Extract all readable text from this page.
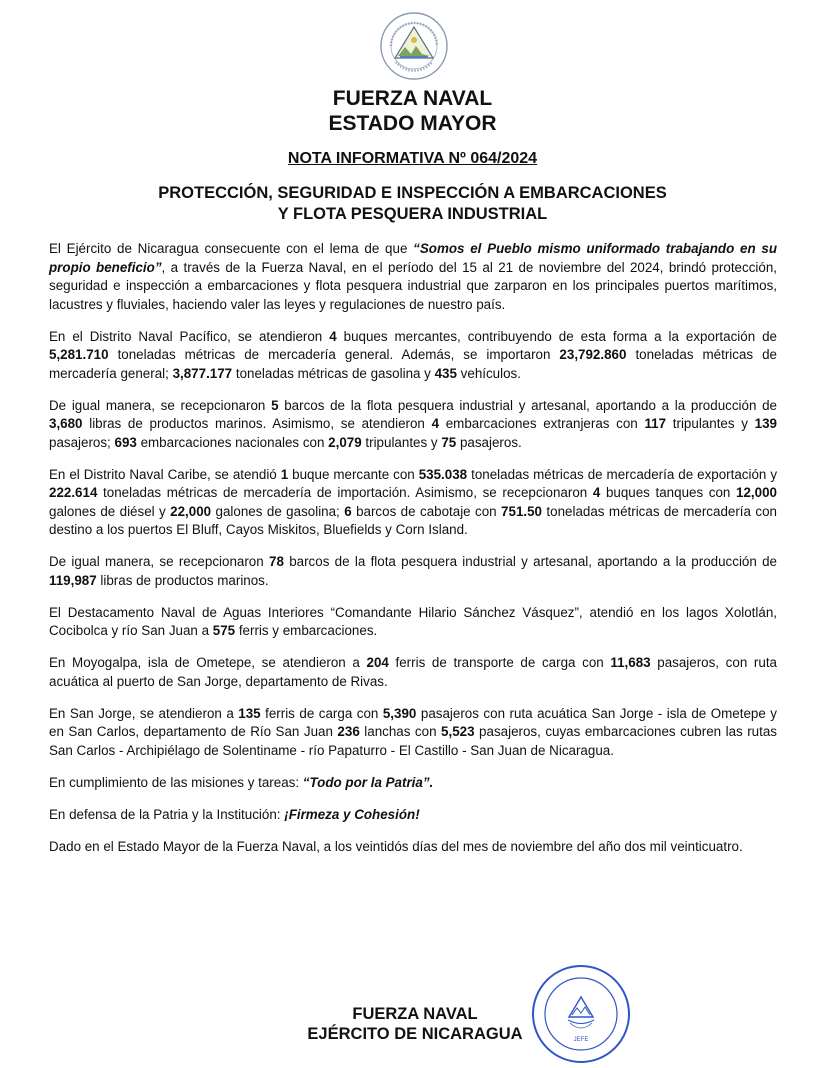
FUERZA NAVAL
ESTADO MAYOR
NOTA INFORMATIVA Nº 064/2024
PROTECCIÓN, SEGURIDAD E INSPECCIÓN A EMBARCACIONES
Y FLOTA PESQUERA INDUSTRIAL

El Ejército de Nicaragua consecuente con el lema de que “Somos el Pueblo mismo uniformado trabajando en su propio beneficio”, a través de la Fuerza Naval, en el período del 15 al 21 de noviembre del 2024, brindó protección, seguridad e inspección a embarcaciones y flota pesquera industrial que zarparon en los principales puertos marítimos, lacustres y fluviales, haciendo valer las leyes y regulaciones de nuestro país.

En el Distrito Naval Pacífico, se atendieron 4 buques mercantes, contribuyendo de esta forma a la exportación de 5,281.710 toneladas métricas de mercadería general. Además, se importaron 23,792.860 toneladas métricas de mercadería general; 3,877.177 toneladas métricas de gasolina y 435 vehículos.

De igual manera, se recepcionaron 5 barcos de la flota pesquera industrial y artesanal, aportando a la producción de 3,680 libras de productos marinos. Asimismo, se atendieron 4 embarcaciones extranjeras con 117 tripulantes y 139 pasajeros; 693 embarcaciones nacionales con 2,079 tripulantes y 75 pasajeros.

En el Distrito Naval Caribe, se atendió 1 buque mercante con 535.038 toneladas métricas de mercadería de exportación y 222.614 toneladas métricas de mercadería de importación. Asimismo, se recepcionaron 4 buques tanques con 12,000 galones de diésel y 22,000 galones de gasolina; 6 barcos de cabotaje con 751.50 toneladas métricas de mercadería con destino a los puertos El Bluff, Cayos Miskitos, Bluefields y Corn Island.

De igual manera, se recepcionaron 78 barcos de la flota pesquera industrial y artesanal, aportando a la producción de 119,987 libras de productos marinos.

El Destacamento Naval de Aguas Interiores “Comandante Hilario Sánchez Vásquez”, atendió en los lagos Xolotlán, Cocibolca y río San Juan a 575 ferris y embarcaciones.

En Moyogalpa, isla de Ometepe, se atendieron a 204 ferris de transporte de carga con 11,683 pasajeros, con ruta acuática al puerto de San Jorge, departamento de Rivas.

En San Jorge, se atendieron a 135 ferris de carga con 5,390 pasajeros con ruta acuática San Jorge - isla de Ometepe y en San Carlos, departamento de Río San Juan 236 lanchas con 5,523 pasajeros, cuyas embarcaciones cubren las rutas San Carlos - Archipiélago de Solentiname - río Papaturro - El Castillo - San Juan de Nicaragua.

En cumplimiento de las misiones y tareas: “Todo por la Patria”.

En defensa de la Patria y la Institución: ¡Firmeza y Cohesión!

Dado en el Estado Mayor de la Fuerza Naval, a los veintidós días del mes de noviembre del año dos mil veinticuatro.

FUERZA NAVAL
EJÉRCITO DE NICARAGUA	JEFE
